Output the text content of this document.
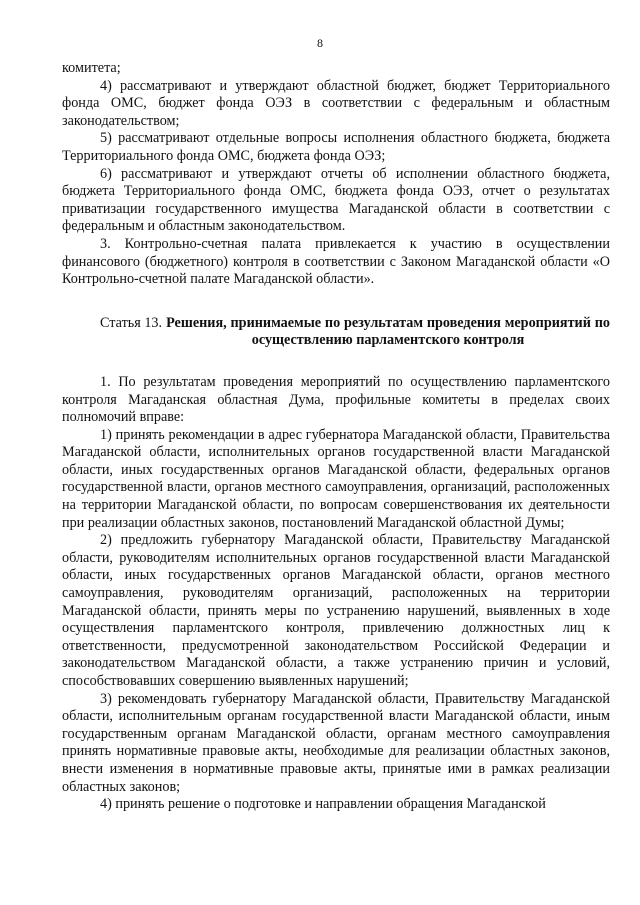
8

комитета;

4) рассматривают и утверждают областной бюджет, бюджет Территориального фонда ОМС, бюджет фонда ОЭЗ в соответствии с федеральным и областным законодательством;

5) рассматривают отдельные вопросы исполнения областного бюджета, бюджета Территориального фонда ОМС, бюджета фонда ОЭЗ;

6) рассматривают и утверждают отчеты об исполнении областного бюджета, бюджета Территориального фонда ОМС, бюджета фонда ОЭЗ, отчет о результатах приватизации государственного имущества Магаданской области в соответствии с федеральным и областным законодательством.

3. Контрольно-счетная палата привлекается к участию в осуществлении финансового (бюджетного) контроля в соответствии с Законом Магаданской области «О Контрольно-счетной палате Магаданской области».

Статья 13. Решения, принимаемые по результатам проведения мероприятий по осуществлению парламентского контроля

1. По результатам проведения мероприятий по осуществлению парламентского контроля Магаданская областная Дума, профильные комитеты в пределах своих полномочий вправе:

1) принять рекомендации в адрес губернатора Магаданской области, Правительства Магаданской области, исполнительных органов государственной власти Магаданской области, иных государственных органов Магаданской области, федеральных органов государственной власти, органов местного самоуправления, организаций, расположенных на территории Магаданской области, по вопросам совершенствования их деятельности при реализации областных законов, постановлений Магаданской областной Думы;

2) предложить губернатору Магаданской области, Правительству Магаданской области, руководителям исполнительных органов государственной власти Магаданской области, иных государственных органов Магаданской области, органов местного самоуправления, руководителям организаций, расположенных на территории Магаданской области, принять меры по устранению нарушений, выявленных в ходе осуществления парламентского контроля, привлечению должностных лиц к ответственности, предусмотренной законодательством Российской Федерации и законодательством Магаданской области, а также устранению причин и условий, способствовавших совершению выявленных нарушений;

3) рекомендовать губернатору Магаданской области, Правительству Магаданской области, исполнительным органам государственной власти Магаданской области, иным государственным органам Магаданской области, органам местного самоуправления принять нормативные правовые акты, необходимые для реализации областных законов, внести изменения в нормативные правовые акты, принятые ими в рамках реализации областных законов;

4) принять решение о подготовке и направлении обращения Магаданской
